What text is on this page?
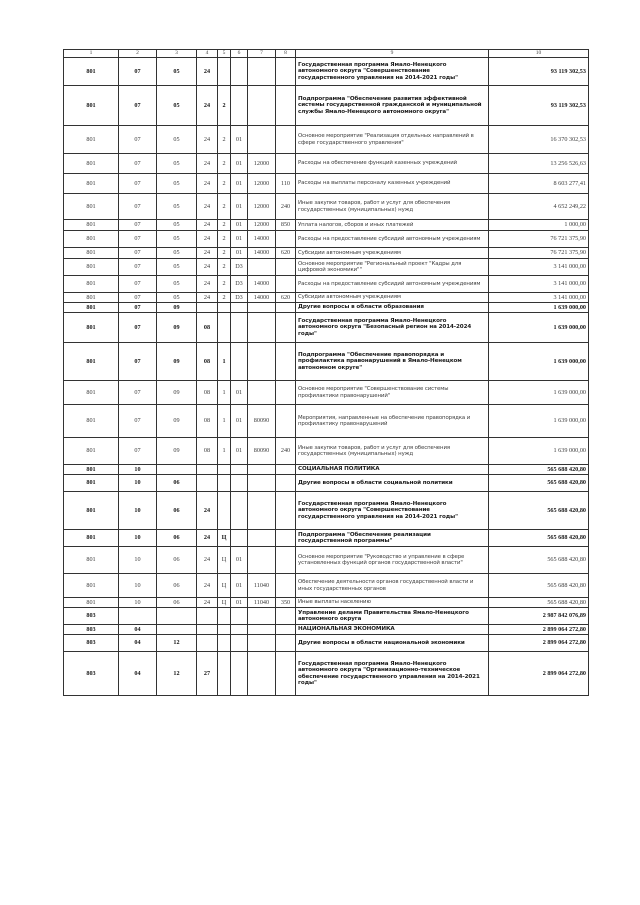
1	2	3	4	5	6	7	8	9	10
801	07	05	24					Государственная программа Ямало-Ненецкого автономного округа "Совершенствование государственного управления на 2014-2021 годы"	93 119 302,53
801	07	05	24	2				Подпрограмма "Обеспечение развития эффективной системы государственной гражданской и муниципальной службы Ямало-Ненецкого автономного округа"	93 119 302,53
801	07	05	24	2	01			Основное мероприятие "Реализация отдельных направлений в сфере государственного управления"	16 370 302,53
801	07	05	24	2	01	12000		Расходы на обеспечение функций казенных учреждений	13 256 526,63
801	07	05	24	2	01	12000	110	Расходы на выплаты персоналу казенных учреждений	8 603 277,41
801	07	05	24	2	01	12000	240	Иные закупки товаров, работ и услуг для обеспечения государственных (муниципальных) нужд	4 652 249,22
801	07	05	24	2	01	12000	850	Уплата налогов, сборов и иных платежей	1 000,00
801	07	05	24	2	01	14000		Расходы на предоставление субсидий автономным учреждениям	76 721 375,90
801	07	05	24	2	01	14000	620	Субсидии автономным учреждениям	76 721 375,90
801	07	05	24	2	D3			Основное мероприятие "Региональный проект "Кадры для цифровой экономики""	3 141 000,00
801	07	05	24	2	D3	14000		Расходы на предоставление субсидий автономным учреждениям	3 141 000,00
801	07	05	24	2	D3	14000	620	Субсидии автономным учреждениям	3 141 000,00
801	07	09						Другие вопросы в области образования	1 639 000,00
801	07	09	08					Государственная программа Ямало-Ненецкого автономного округа "Безопасный регион на 2014-2024 годы"	1 639 000,00
801	07	09	08	1				Подпрограмма "Обеспечение правопорядка и профилактика правонарушений в Ямало-Ненецком автономном округе"	1 639 000,00
801	07	09	08	1	01			Основное мероприятие "Совершенствование системы профилактики правонарушений"	1 639 000,00
801	07	09	08	1	01	80090		Мероприятия, направленные на обеспечение правопорядка и профилактику правонарушений	1 639 000,00
801	07	09	08	1	01	80090	240	Иные закупки товаров, работ и услуг для обеспечения государственных (муниципальных) нужд	1 639 000,00
801	10							СОЦИАЛЬНАЯ ПОЛИТИКА	565 688 420,80
801	10	06						Другие вопросы в области социальной политики	565 688 420,80
801	10	06	24					Государственная программа Ямало-Ненецкого автономного округа "Совершенствование государственного управления на 2014-2021 годы"	565 688 420,80
801	10	06	24	Ц				Подпрограмма "Обеспечение реализации государственной программы"	565 688 420,80
801	10	06	24	Ц	01			Основное мероприятие "Руководство и управление в сфере установленных функций органов государственной власти"	565 688 420,80
801	10	06	24	Ц	01	11040		Обеспечение деятельности органов государственной власти и иных государственных органов	565 688 420,80
801	10	06	24	Ц	01	11040	350	Иные выплаты населению	565 688 420,80
803								Управление делами Правительства Ямало-Ненецкого автономного округа	2 987 842 076,89
803	04							НАЦИОНАЛЬНАЯ ЭКОНОМИКА	2 899 064 272,80
803	04	12						Другие вопросы в области национальной экономики	2 899 064 272,80
803	04	12	27					Государственная программа Ямало-Ненецкого автономного округа "Организационно-техническое обеспечение государственного управления на 2014-2021 годы"	2 899 064 272,80
